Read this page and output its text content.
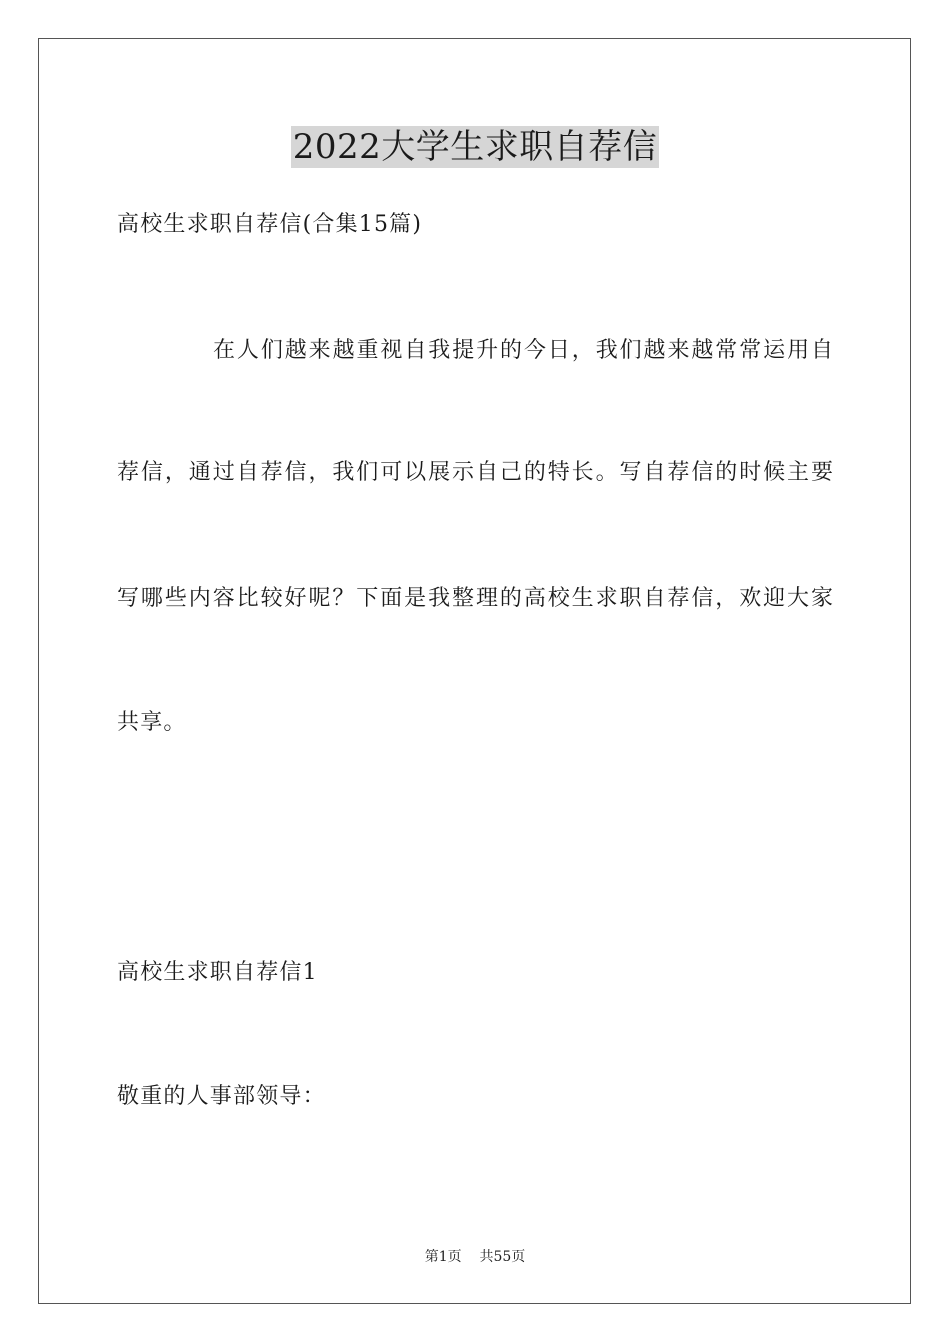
2022大学生求职自荐信
高校生求职自荐信(合集15篇)
在人们越来越重视自我提升的今日，我们越来越常常运用自
荐信，通过自荐信，我们可以展示自己的特长。写自荐信的时候主要
写哪些内容比较好呢？下面是我整理的高校生求职自荐信，欢迎大家
共享。
高校生求职自荐信1
敬重的人事部领导：
第1页 共55页
